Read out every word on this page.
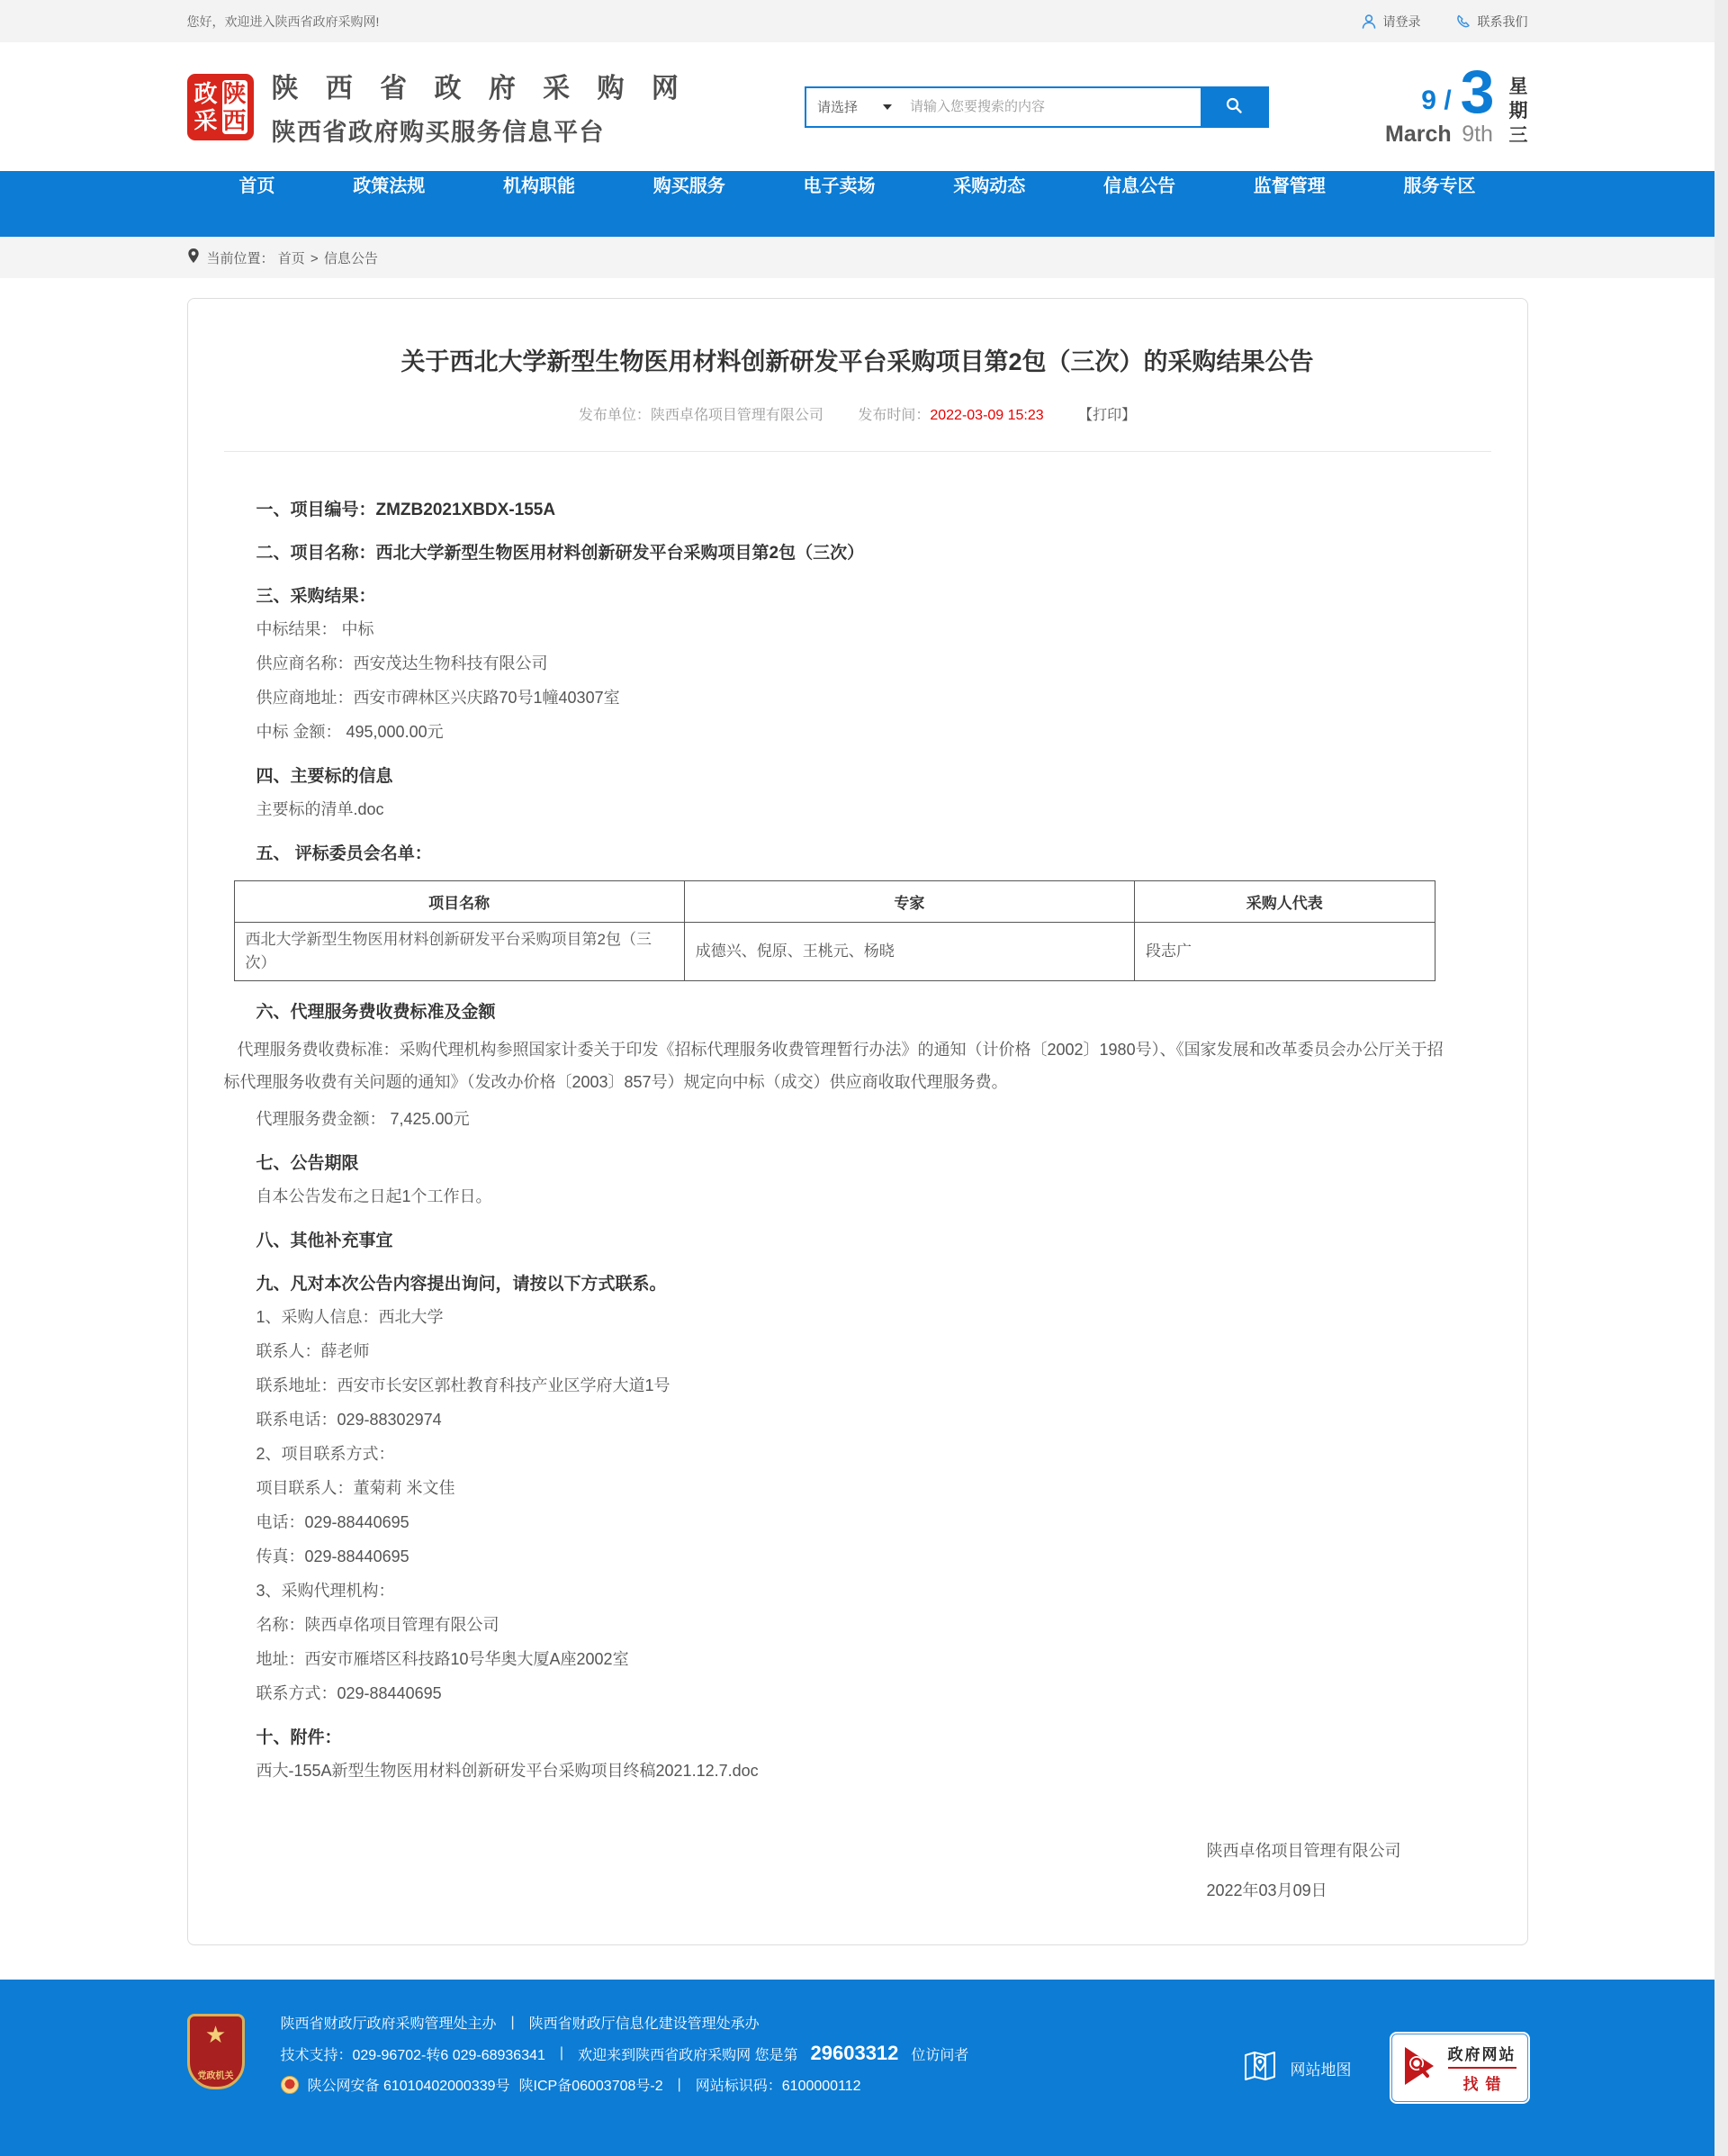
您好，欢迎进入陕西省政府采购网!	请登录	联系我们
政
采
陕
西
陕 西 省 政 府 采 购 网
陕西省政府购买服务信息平台
请选择
请输入您要搜索的内容	9 /
March
3
9th
星
期
三
首页	政策法规	机构职能	购买服务	电子卖场	采购动态	信息公告	监督管理	服务专区
当前位置： 首页 > 信息公告
关于西北大学新型生物医用材料创新研发平台采购项目第2包（三次）的采购结果公告
发布单位：陕西卓佲项目管理有限公司 发布时间：2022-03-09 15:23 【打印】
一、项目编号：ZMZB2021XBDX-155A
二、项目名称：西北大学新型生物医用材料创新研发平台采购项目第2包（三次）
三、采购结果：
中标结果： 中标
供应商名称：西安茂达生物科技有限公司
供应商地址：西安市碑林区兴庆路70号1幢40307室
中标 金额： 495,000.00元
四、主要标的信息
主要标的清单.doc
五、 评标委员会名单：
项目名称	专家	采购人代表
西北大学新型生物医用材料创新研发平台采购项目第2包（三次）	成德兴、倪原、王桃元、杨晓	段志广
六、代理服务费收费标准及金额
代理服务费收费标准：采购代理机构参照国家计委关于印发《招标代理服务收费管理暂行办法》的通知（计价格〔2002〕1980号）、《国家发展和改革委员会办公厅关于招标代理服务收费有关问题的通知》（发改办价格〔2003〕857号）规定向中标（成交）供应商收取代理服务费。
代理服务费金额： 7,425.00元
七、公告期限
自本公告发布之日起1个工作日。
八、其他补充事宜
九、凡对本次公告内容提出询问，请按以下方式联系。
1、采购人信息：西北大学
联系人：薛老师
联系地址：西安市长安区郭杜教育科技产业区学府大道1号
联系电话：029-88302974
2、项目联系方式：
项目联系人：董菊莉 米文佳
电话：029-88440695
传真：029-88440695
3、采购代理机构：
名称：陕西卓佲项目管理有限公司
地址：西安市雁塔区科技路10号华奥大厦A座2002室
联系方式：029-88440695
十、附件：
西大-155A新型生物医用材料创新研发平台采购项目终稿2021.12.7.doc
陕西卓佲项目管理有限公司
2022年03月09日
★
党政机关
陕西省财政厅政府采购管理处主办 | 陕西省财政厅信息化建设管理处承办
技术支持：029-96702-转6 029-68936341 | 欢迎来到陕西省政府采购网 您是第 29603312 位访问者
陕公网安备 61010402000339号 陕ICP备06003708号-2 | 网站标识码：6100000112
网站地图
政府网站
找错
